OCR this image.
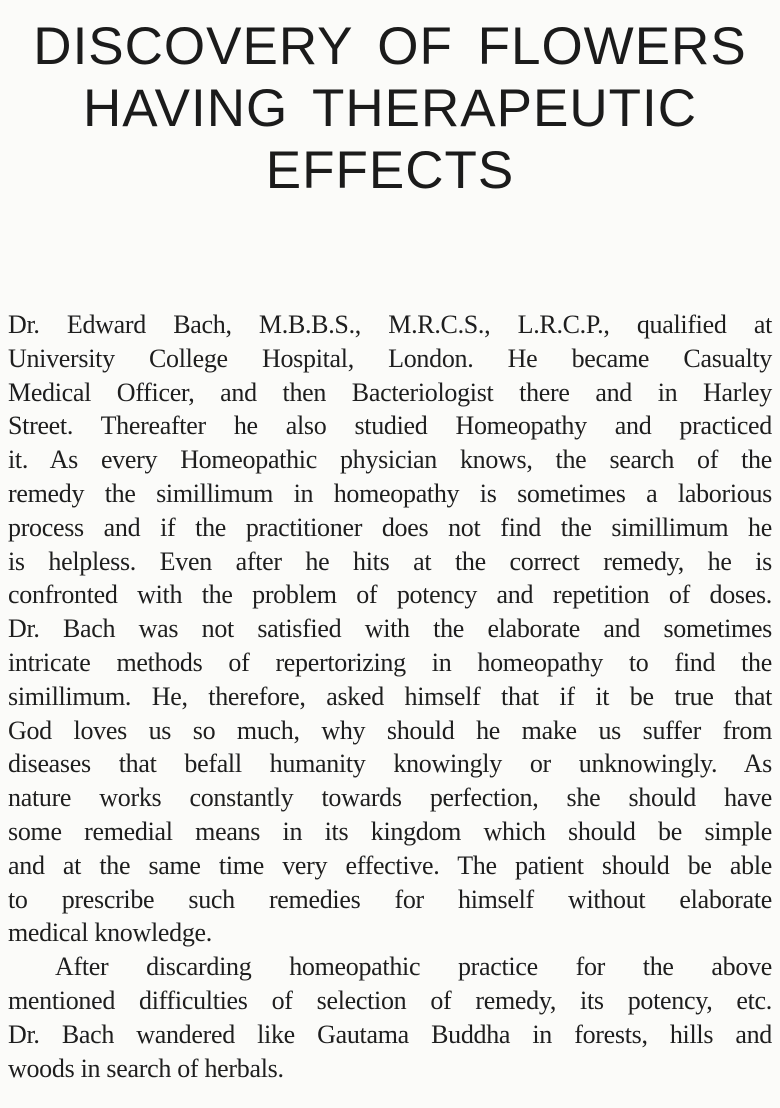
DISCOVERY OF FLOWERS
HAVING THERAPEUTIC
EFFECTS
Dr. Edward Bach, M.B.B.S., M.R.C.S., L.R.C.P., qualified at
University College Hospital, London. He became Casualty
Medical Officer, and then Bacteriologist there and in Harley
Street. Thereafter he also studied Homeopathy and practiced
it. As every Homeopathic physician knows, the search of the
remedy the simillimum in homeopathy is sometimes a laborious
process and if the practitioner does not find the simillimum he
is helpless. Even after he hits at the correct remedy, he is
confronted with the problem of potency and repetition of doses.
Dr. Bach was not satisfied with the elaborate and sometimes
intricate methods of repertorizing in homeopathy to find the
simillimum. He, therefore, asked himself that if it be true that
God loves us so much, why should he make us suffer from
diseases that befall humanity knowingly or unknowingly. As
nature works constantly towards perfection, she should have
some remedial means in its kingdom which should be simple
and at the same time very effective. The patient should be able
to prescribe such remedies for himself without elaborate
medical knowledge.
After discarding homeopathic practice for the above
mentioned difficulties of selection of remedy, its potency, etc.
Dr. Bach wandered like Gautama Buddha in forests, hills and
woods in search of herbals.
